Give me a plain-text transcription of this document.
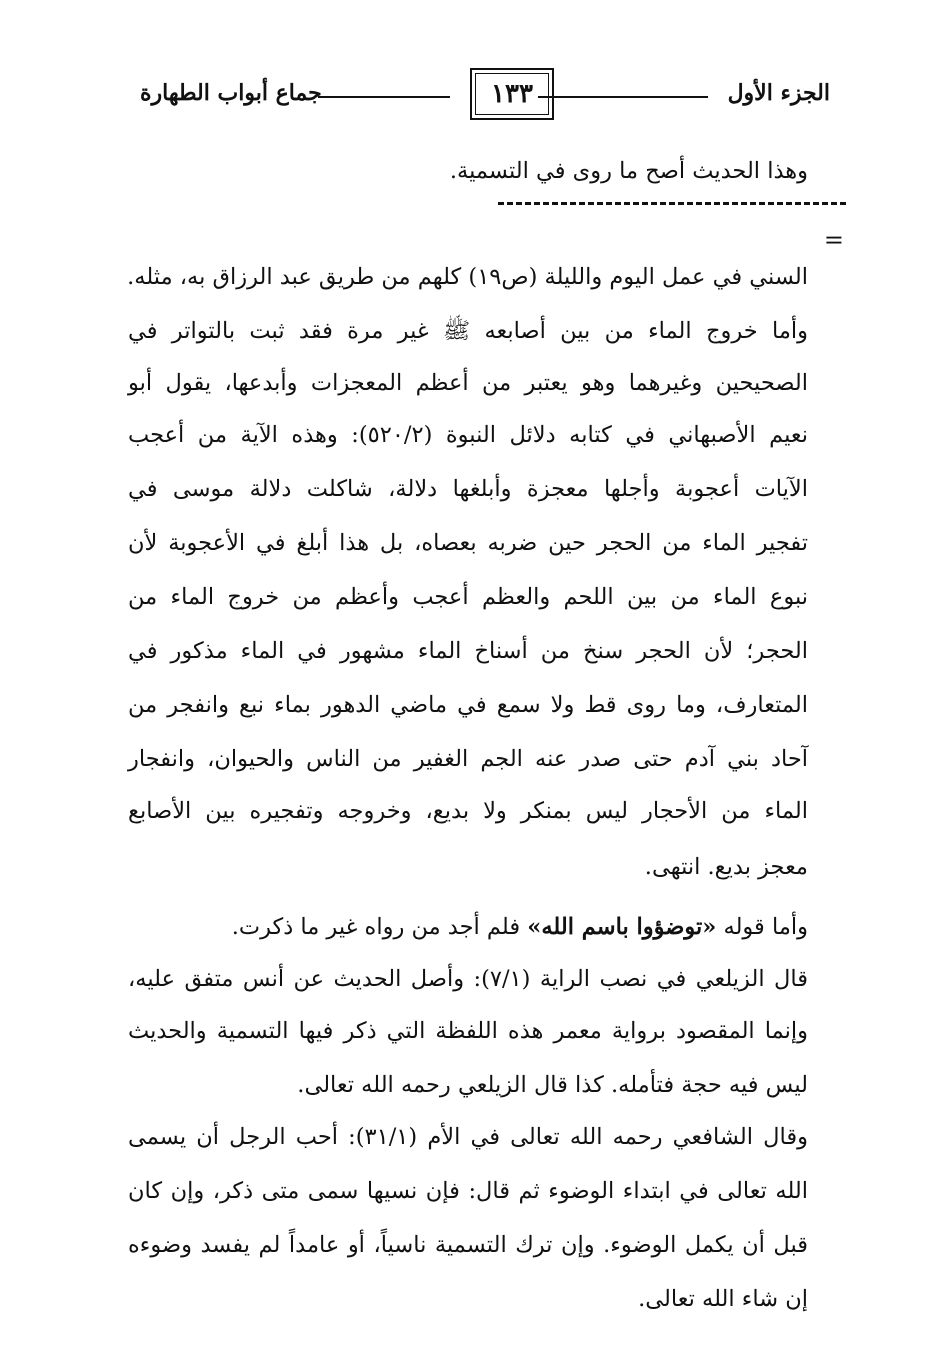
الجزء الأول
١٣٣
جماع أبواب الطهارة
وهذا الحديث أصح ما روى في التسمية.
=
السني في عمل اليوم والليلة (ص١٩) كلهم من طريق عبد الرزاق به، مثله.
وأما خروج الماء من بين أصابعه ﷺ غير مرة فقد ثبت بالتواتر في
الصحيحين وغيرهما وهو يعتبر من أعظم المعجزات وأبدعها، يقول أبو
نعيم الأصبهاني في كتابه دلائل النبوة (٥٢٠/٢): وهذه الآية من أعجب
الآيات أعجوبة وأجلها معجزة وأبلغها دلالة، شاكلت دلالة موسى في
تفجير الماء من الحجر حين ضربه بعصاه، بل هذا أبلغ في الأعجوبة لأن
نبوع الماء من بين اللحم والعظم أعجب وأعظم من خروج الماء من
الحجر؛ لأن الحجر سنخ من أسناخ الماء مشهور في الماء مذكور في
المتعارف، وما روى قط ولا سمع في ماضي الدهور بماء نبع وانفجر من
آحاد بني آدم حتى صدر عنه الجم الغفير من الناس والحيوان، وانفجار
الماء من الأحجار ليس بمنكر ولا بديع، وخروجه وتفجيره بين الأصابع
معجز بديع. انتهى.
وأما قوله «توضؤوا باسم الله» فلم أجد من رواه غير ما ذكرت.
قال الزيلعي في نصب الراية (٧/١): وأصل الحديث عن أنس متفق عليه،
وإنما المقصود برواية معمر هذه اللفظة التي ذكر فيها التسمية والحديث
ليس فيه حجة فتأمله. كذا قال الزيلعي رحمه الله تعالى.
وقال الشافعي رحمه الله تعالى في الأم (٣١/١): أحب الرجل أن يسمى
الله تعالى في ابتداء الوضوء ثم قال: فإن نسيها سمى متى ذكر، وإن كان
قبل أن يكمل الوضوء. وإن ترك التسمية ناسياً، أو عامداً لم يفسد وضوءه
إن شاء الله تعالى.
